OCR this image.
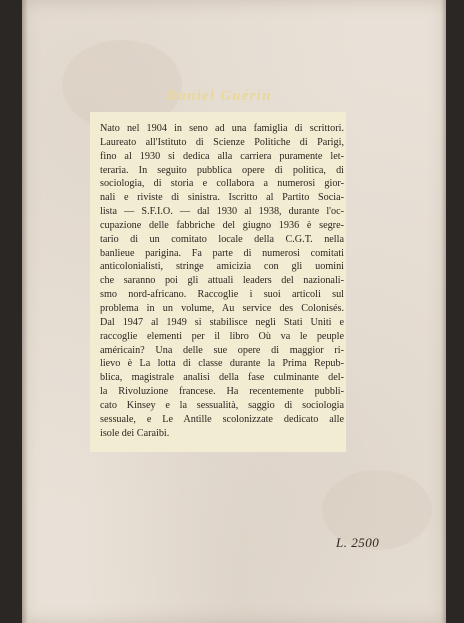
Daniel Guérin
Nato nel 1904 in seno ad una famiglia di scrittori.
Laureato all'Istituto di Scienze Politiche di Parigi,
fino al 1930 si dedica alla carriera puramente let-
teraria. In seguito pubblica opere di politica, di
sociologia, di storia e collabora a numerosi gior-
nali e riviste di sinistra. Iscritto al Partito Socia-
lista — S.F.I.O. — dal 1930 al 1938, durante l'oc-
cupazione delle fabbriche del giugno 1936 è segre-
tario di un comitato locale della C.G.T. nella
banlieue parigina. Fa parte di numerosi comitati
anticolonialisti, stringe amicizia con gli uomini
che saranno poi gli attuali leaders del nazionali-
smo nord-africano. Raccoglie i suoi articoli sul
problema in un volume, Au service des Colonisés.
Dal 1947 al 1949 si stabilisce negli Stati Uniti e
raccoglie elementi per il libro Où va le peuple
américain? Una delle sue opere di maggior ri-
lievo è La lotta di classe durante la Prima Repub-
blica, magistrale analisi della fase culminante del-
la Rivoluzione francese. Ha recentemente pubbli-
cato Kinsey e la sessualità, saggio di sociologia
sessuale, e Le Antille scolonizzate dedicato alle
isole dei Caraibi.
L. 2500
